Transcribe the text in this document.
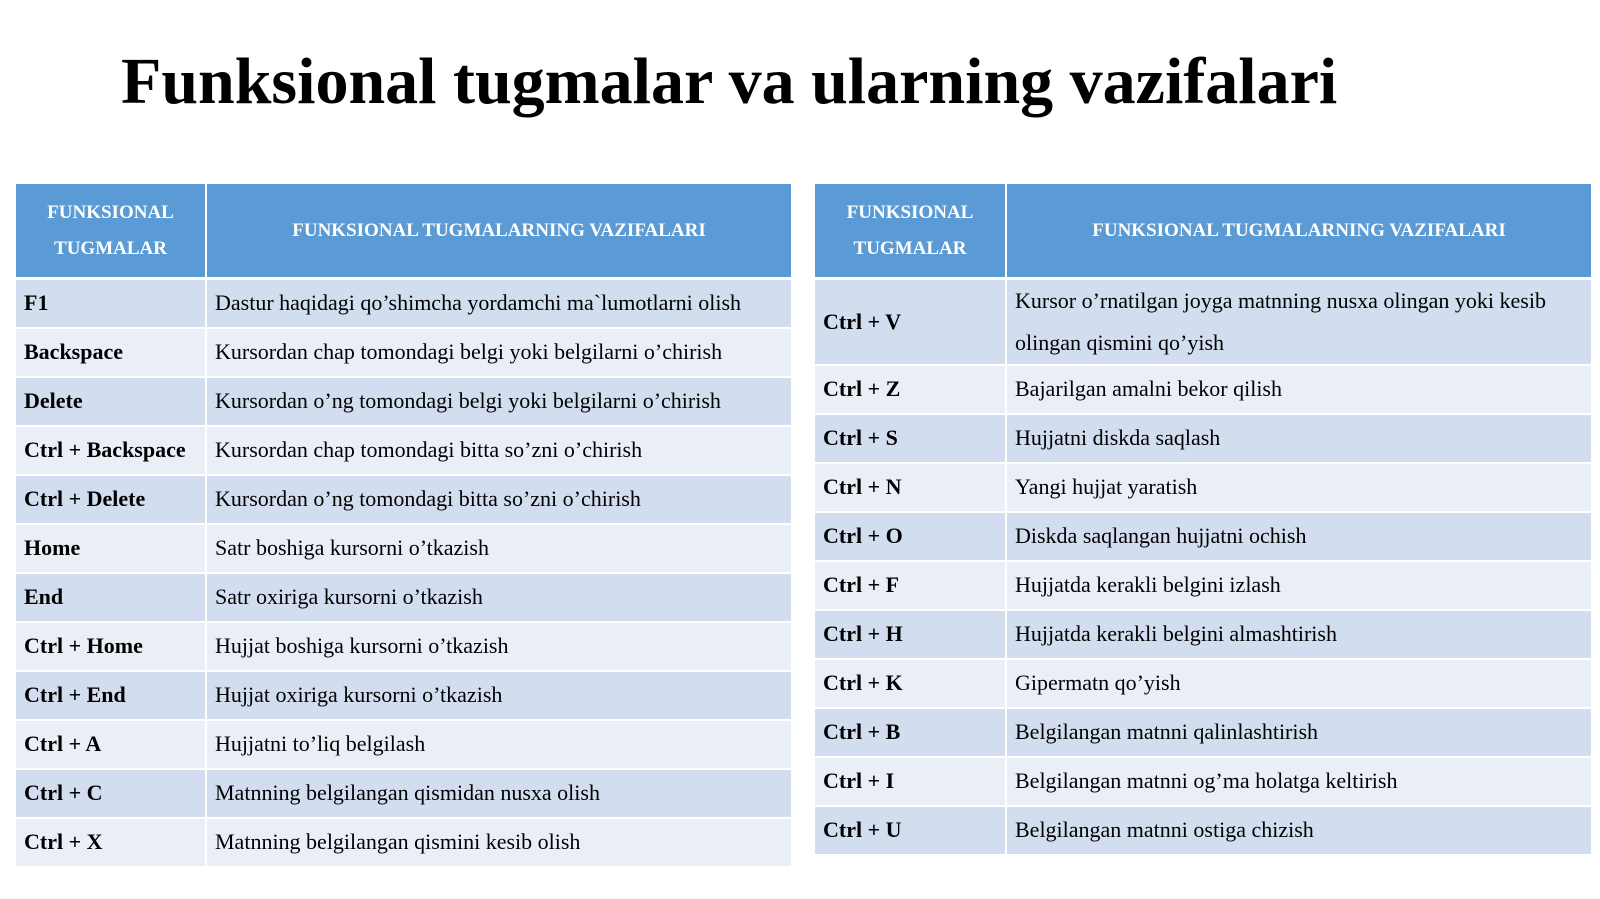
Funksional tugmalar va ularning vazifalari
FUNKSIONAL TUGMALAR	FUNKSIONAL TUGMALARNING VAZIFALARI
F1	Dastur haqidagi qo’shimcha yordamchi ma`lumotlarni olish
Backspace	Kursordan chap tomondagi belgi yoki belgilarni o’chirish
Delete	Kursordan o’ng tomondagi belgi yoki belgilarni o’chirish
Ctrl + Backspace	Kursordan chap tomondagi bitta so’zni o’chirish
Ctrl + Delete	Kursordan o’ng tomondagi bitta so’zni o’chirish
Home	Satr boshiga kursorni o’tkazish
End	Satr oxiriga kursorni o’tkazish
Ctrl + Home	Hujjat boshiga kursorni o’tkazish
Ctrl + End	Hujjat oxiriga kursorni o’tkazish
Ctrl + A	Hujjatni to’liq belgilash
Ctrl + C	Matnning belgilangan qismidan nusxa olish
Ctrl + X	Matnning belgilangan qismini kesib olish
FUNKSIONAL TUGMALAR	FUNKSIONAL TUGMALARNING VAZIFALARI
Ctrl + V	Kursor o’rnatilgan joyga matnning nusxa olingan yoki kesib olingan qismini qo’yish
Ctrl + Z	Bajarilgan amalni bekor qilish
Ctrl + S	Hujjatni diskda saqlash
Ctrl + N	Yangi hujjat yaratish
Ctrl + O	Diskda saqlangan hujjatni ochish
Ctrl + F	Hujjatda kerakli belgini izlash
Ctrl + H	Hujjatda kerakli belgini almashtirish
Ctrl + K	Gipermatn qo’yish
Ctrl + B	Belgilangan matnni qalinlashtirish
Ctrl + I	Belgilangan matnni og’ma holatga keltirish
Ctrl + U	Belgilangan matnni ostiga chizish
